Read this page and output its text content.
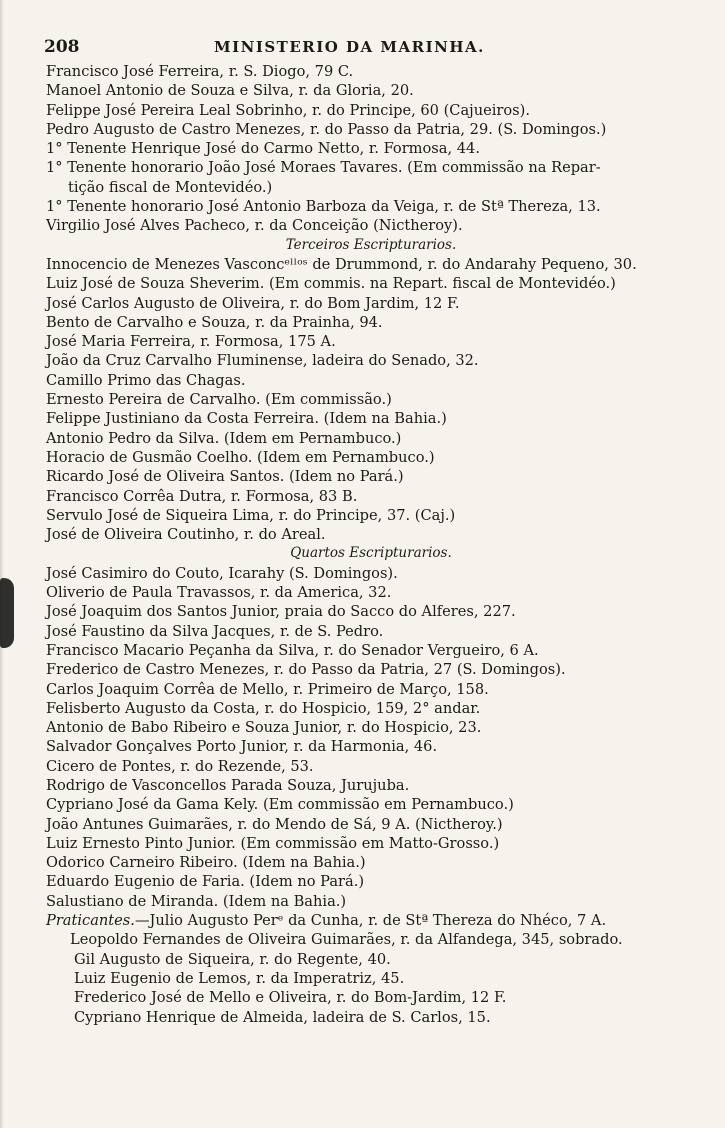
208	MINISTERIO DA MARINHA.
Francisco José Ferreira, r. S. Diogo, 79 C.
Manoel Antonio de Souza e Silva, r. da Gloria, 20.
Felippe José Pereira Leal Sobrinho, r. do Principe, 60 (Cajueiros).
Pedro Augusto de Castro Menezes, r. do Passo da Patria, 29. (S. Domingos.)
1° Tenente Henrique José do Carmo Netto, r. Formosa, 44.
1° Tenente honorario João José Moraes Tavares. (Em commissão na Repar-
tição fiscal de Montevidéo.)
1° Tenente honorario José Antonio Barboza da Veiga, r. de Stª Thereza, 13.
Virgilio José Alves Pacheco, r. da Conceição (Nictheroy).
Terceiros Escripturarios.
Innocencio de Menezes Vasconcᵉˡˡᵒˢ de Drummond, r. do Andarahy Pequeno, 30.
Luiz José de Souza Sheverim. (Em commis. na Repart. fiscal de Montevidéo.)
José Carlos Augusto de Oliveira, r. do Bom Jardim, 12 F.
Bento de Carvalho e Souza, r. da Prainha, 94.
José Maria Ferreira, r. Formosa, 175 A.
João da Cruz Carvalho Fluminense, ladeira do Senado, 32.
Camillo Primo das Chagas.
Ernesto Pereira de Carvalho. (Em commissão.)
Felippe Justiniano da Costa Ferreira. (Idem na Bahia.)
Antonio Pedro da Silva. (Idem em Pernambuco.)
Horacio de Gusmão Coelho. (Idem em Pernambuco.)
Ricardo José de Oliveira Santos. (Idem no Pará.)
Francisco Corrêa Dutra, r. Formosa, 83 B.
Servulo José de Siqueira Lima, r. do Principe, 37. (Caj.)
José de Oliveira Coutinho, r. do Areal.
Quartos Escripturarios.
José Casimiro do Couto, Icarahy (S. Domingos).
Oliverio de Paula Travassos, r. da America, 32.
José Joaquim dos Santos Junior, praia do Sacco do Alferes, 227.
José Faustino da Silva Jacques, r. de S. Pedro.
Francisco Macario Peçanha da Silva, r. do Senador Vergueiro, 6 A.
Frederico de Castro Menezes, r. do Passo da Patria, 27 (S. Domingos).
Carlos Joaquim Corrêa de Mello, r. Primeiro de Março, 158.
Felisberto Augusto da Costa, r. do Hospicio, 159, 2° andar.
Antonio de Babo Ribeiro e Souza Junior, r. do Hospicio, 23.
Salvador Gonçalves Porto Junior, r. da Harmonia, 46.
Cicero de Pontes, r. do Rezende, 53.
Rodrigo de Vasconcellos Parada Souza, Jurujuba.
Cypriano José da Gama Kely. (Em commissão em Pernambuco.)
João Antunes Guimarães, r. do Mendo de Sá, 9 A. (Nictheroy.)
Luiz Ernesto Pinto Junior. (Em commissão em Matto-Grosso.)
Odorico Carneiro Ribeiro. (Idem na Bahia.)
Eduardo Eugenio de Faria. (Idem no Pará.)
Salustiano de Miranda. (Idem na Bahia.)
Praticantes.—Julio Augusto Perᵉ da Cunha, r. de Stª Thereza do Nhéco, 7 A.
Leopoldo Fernandes de Oliveira Guimarães, r. da Alfandega, 345, sobrado.
Gil Augusto de Siqueira, r. do Regente, 40.
Luiz Eugenio de Lemos, r. da Imperatriz, 45.
Frederico José de Mello e Oliveira, r. do Bom-Jardim, 12 F.
Cypriano Henrique de Almeida, ladeira de S. Carlos, 15.
